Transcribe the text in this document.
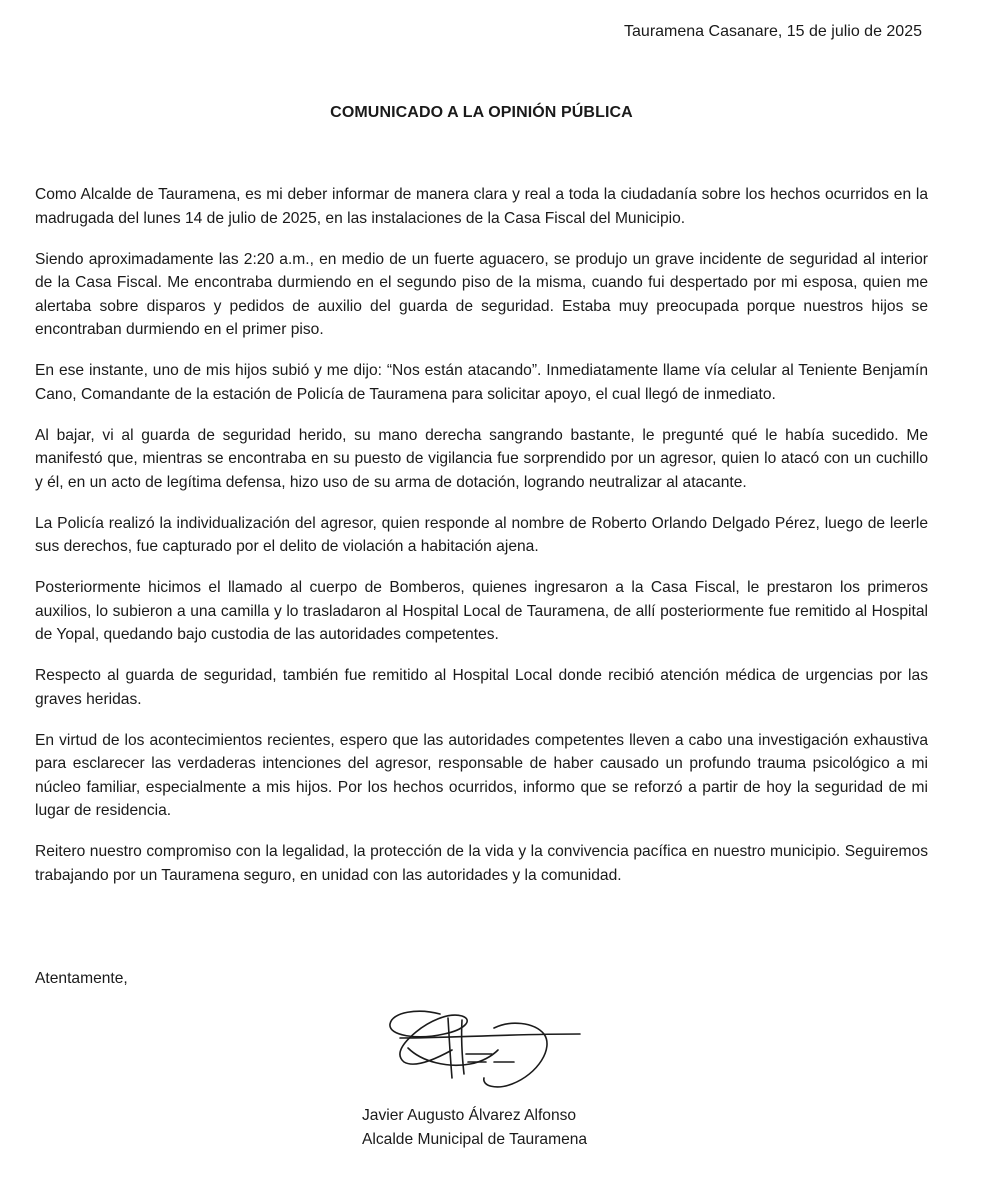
Tauramena Casanare, 15 de julio de 2025
COMUNICADO A LA OPINIÓN PÚBLICA

Como Alcalde de Tauramena, es mi deber informar de manera clara y real a toda la ciudadanía sobre los hechos ocurridos en la madrugada del lunes 14 de julio de 2025, en las instalaciones de la Casa Fiscal del Municipio.

Siendo aproximadamente las 2:20 a.m., en medio de un fuerte aguacero, se produjo un grave incidente de seguridad al interior de la Casa Fiscal. Me encontraba durmiendo en el segundo piso de la misma, cuando fui despertado por mi esposa, quien me alertaba sobre disparos y pedidos de auxilio del guarda de seguridad. Estaba muy preocupada porque nuestros hijos se encontraban durmiendo en el primer piso.

En ese instante, uno de mis hijos subió y me dijo: “Nos están atacando”. Inmediatamente llame vía celular al Teniente Benjamín Cano, Comandante de la estación de Policía de Tauramena para solicitar apoyo, el cual llegó de inmediato.

Al bajar, vi al guarda de seguridad herido, su mano derecha sangrando bastante, le pregunté qué le había sucedido. Me manifestó que, mientras se encontraba en su puesto de vigilancia fue sorprendido por un agresor, quien lo atacó con un cuchillo y él, en un acto de legítima defensa, hizo uso de su arma de dotación, logrando neutralizar al atacante.

La Policía realizó la individualización del agresor, quien responde al nombre de Roberto Orlando Delgado Pérez, luego de leerle sus derechos, fue capturado por el delito de violación a habitación ajena.

Posteriormente hicimos el llamado al cuerpo de Bomberos, quienes ingresaron a la Casa Fiscal, le prestaron los primeros auxilios, lo subieron a una camilla y lo trasladaron al Hospital Local de Tauramena, de allí posteriormente fue remitido al Hospital de Yopal, quedando bajo custodia de las autoridades competentes.

Respecto al guarda de seguridad, también fue remitido al Hospital Local donde recibió atención médica de urgencias por las graves heridas.

En virtud de los acontecimientos recientes, espero que las autoridades competentes lleven a cabo una investigación exhaustiva para esclarecer las verdaderas intenciones del agresor, responsable de haber causado un profundo trauma psicológico a mi núcleo familiar, especialmente a mis hijos. Por los hechos ocurridos, informo que se reforzó a partir de hoy la seguridad de mi lugar de residencia.

Reitero nuestro compromiso con la legalidad, la protección de la vida y la convivencia pacífica en nuestro municipio. Seguiremos trabajando por un Tauramena seguro, en unidad con las autoridades y la comunidad.

Atentamente,
Javier Augusto Álvarez Alfonso
Alcalde Municipal de Tauramena
